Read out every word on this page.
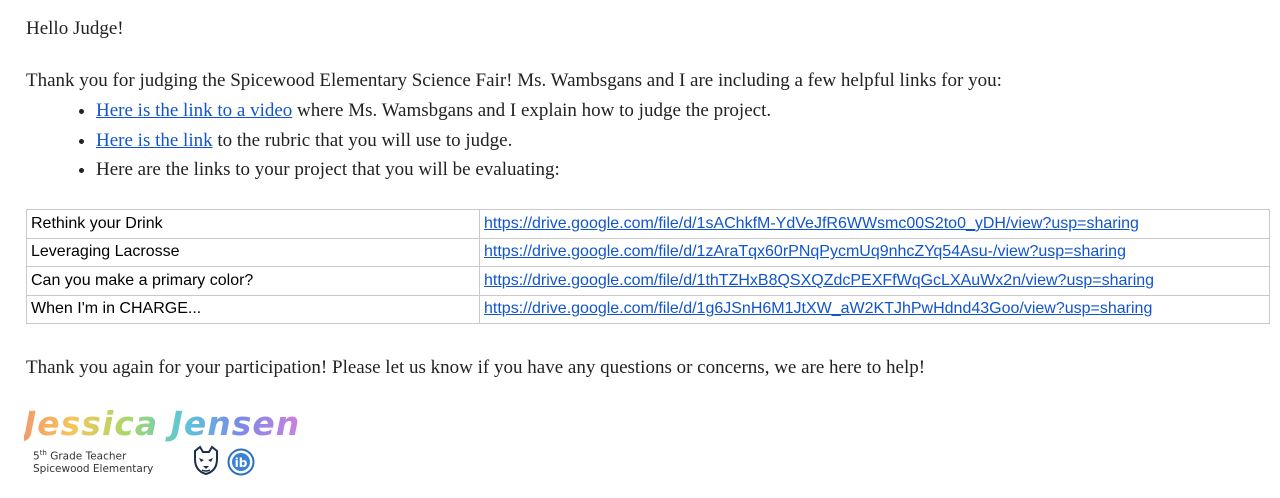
Hello Judge!

Thank you for judging the Spicewood Elementary Science Fair! Ms. Wambsgans and I are including a few helpful links for you:

• Here is the link to a video where Ms. Wamsbgans and I explain how to judge the project.
• Here is the link to the rubric that you will use to judge.
• Here are the links to your project that you will be evaluating:
Rethink your Drink	https://drive.google.com/file/d/1sAChkfM-YdVeJfR6WWsmc00S2to0_yDH/view?usp=sharing
Leveraging Lacrosse	https://drive.google.com/file/d/1zAraTqx60rPNqPycmUq9nhcZYq54Asu-/view?usp=sharing
Can you make a primary color?	https://drive.google.com/file/d/1thTZHxB8QSXQZdcPEXFfWqGcLXAuWx2n/view?usp=sharing
When I'm in CHARGE...	https://drive.google.com/file/d/1g6JSnH6M1JtXW_aW2KTJhPwHdnd43Goo/view?usp=sharing

Thank you again for your participation! Please let us know if you have any questions or concerns, we are here to help!

Jessica Jensen
5th Grade Teacher
Spicewood Elementary	ib
